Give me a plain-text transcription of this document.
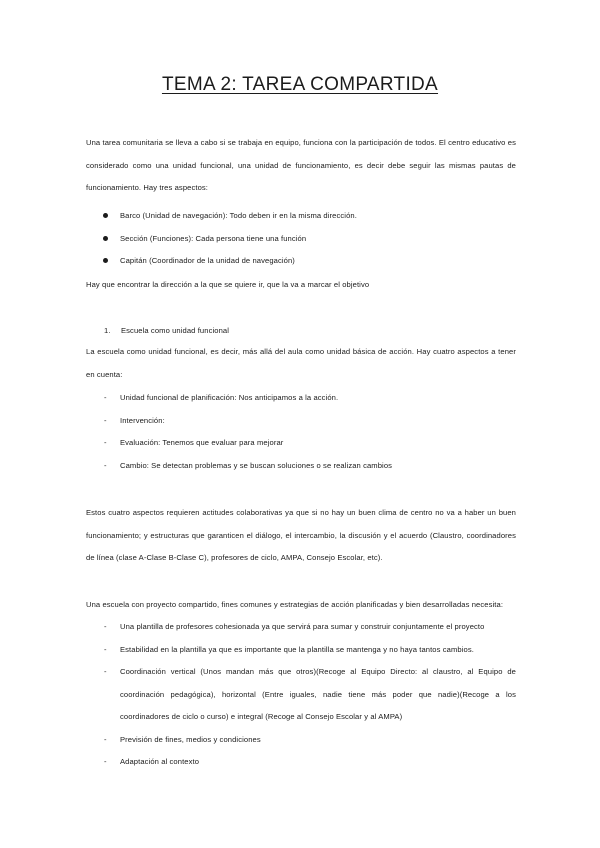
TEMA 2: TAREA COMPARTIDA

Una tarea comunitaria se lleva a cabo si se trabaja en equipo, funciona con la participación de todos. El centro educativo es considerado como una unidad funcional, una unidad de funcionamiento, es decir debe seguir las mismas pautas de funcionamiento. Hay tres aspectos:

Barco (Unidad de navegación): Todo deben ir en la misma dirección.
Sección (Funciones): Cada persona tiene una función
Capitán (Coordinador de la unidad de navegación)

Hay que encontrar la dirección a la que se quiere ir, que la va a marcar el objetivo

1. Escuela como unidad funcional

La escuela como unidad funcional, es decir, más allá del aula como unidad básica de acción. Hay cuatro aspectos a tener en cuenta:

- Unidad funcional de planificación: Nos anticipamos a la acción.
- Intervención:
- Evaluación: Tenemos que evaluar para mejorar
- Cambio: Se detectan problemas y se buscan soluciones o se realizan cambios

Estos cuatro aspectos requieren actitudes colaborativas ya que si no hay un buen clima de centro no va a haber un buen funcionamiento; y estructuras que garanticen el diálogo, el intercambio, la discusión y el acuerdo (Claustro, coordinadores de línea (clase A-Clase B-Clase C), profesores de ciclo, AMPA, Consejo Escolar, etc).

Una escuela con proyecto compartido, fines comunes y estrategias de acción planificadas y bien desarrolladas necesita:

- Una plantilla de profesores cohesionada ya que servirá para sumar y construir conjuntamente el proyecto
- Estabilidad en la plantilla ya que es importante que la plantilla se mantenga y no haya tantos cambios.
- Coordinación vertical (Unos mandan más que otros)(Recoge al Equipo Directo: al claustro, al Equipo de coordinación pedagógica), horizontal (Entre iguales, nadie tiene más poder que nadie)(Recoge a los coordinadores de ciclo o curso) e integral (Recoge al Consejo Escolar y al AMPA)
- Previsión de fines, medios y condiciones
- Adaptación al contexto
